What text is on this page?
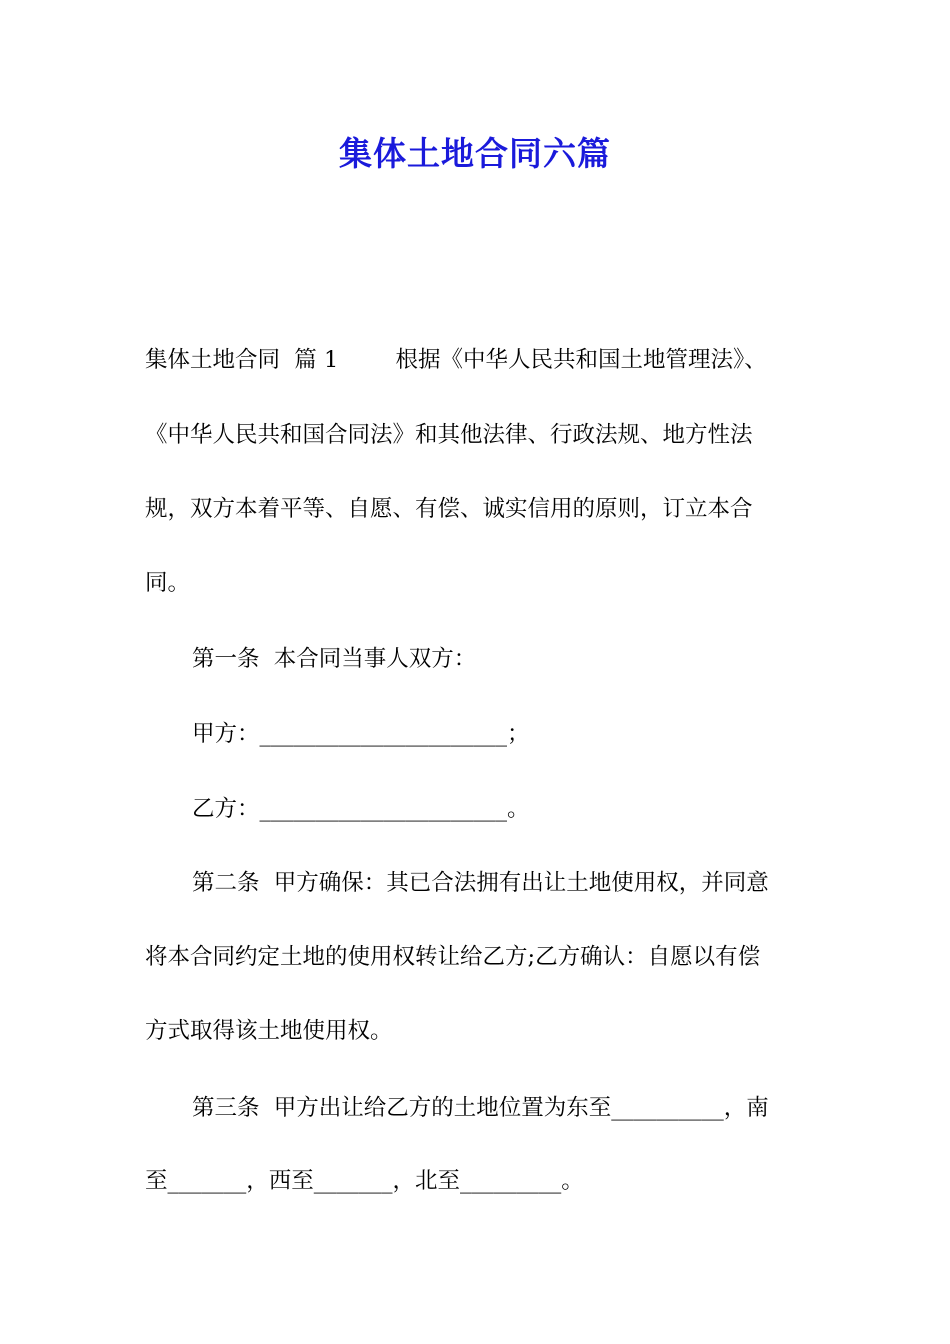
集体土地合同六篇
集体土地合同  篇 1        根据《中华人民共和国土地管理法》、
《中华人民共和国合同法》和其他法律、行政法规、地方性法
规，双方本着平等、自愿、有偿、诚实信用的原则，订立本合
同。
第一条  本合同当事人双方：
甲方：______________________；
乙方：______________________。
第二条  甲方确保：其已合法拥有出让土地使用权，并同意
将本合同约定土地的使用权转让给乙方;乙方确认：自愿以有偿
方式取得该土地使用权。
第三条  甲方出让给乙方的土地位置为东至__________，南
至_______，西至_______，北至_________。
